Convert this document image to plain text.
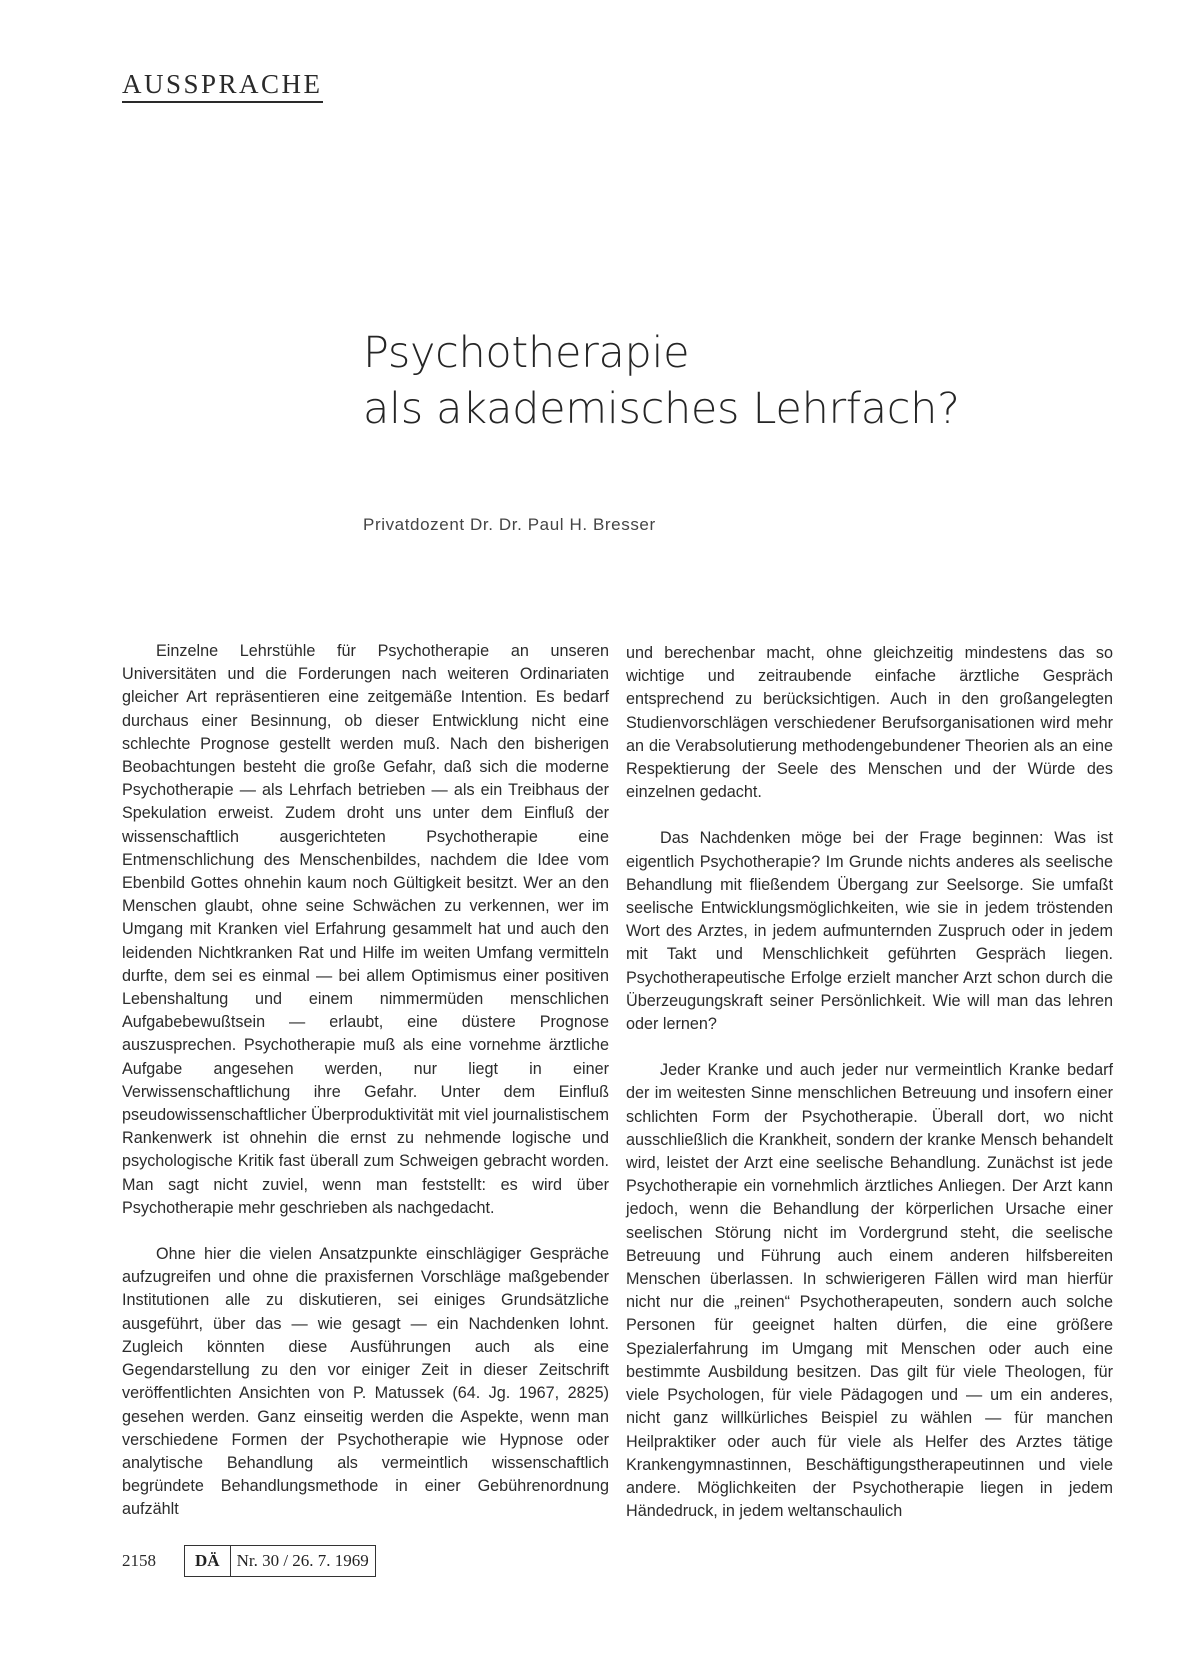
AUSSPRACHE
Psychotherapie
als akademisches Lehrfach?
Privatdozent Dr. Dr. Paul H. Bresser

Einzelne Lehrstühle für Psychotherapie an unseren Universitäten und die Forderungen nach weiteren Ordinariaten gleicher Art repräsentieren eine zeitgemäße Intention. Es bedarf durchaus einer Besinnung, ob dieser Entwicklung nicht eine schlechte Prognose gestellt werden muß. Nach den bisherigen Beobachtungen besteht die große Gefahr, daß sich die moderne Psychotherapie — als Lehrfach betrieben — als ein Treibhaus der Spekulation erweist. Zudem droht uns unter dem Einfluß der wissenschaftlich ausgerichteten Psychotherapie eine Entmenschlichung des Menschenbildes, nachdem die Idee vom Ebenbild Gottes ohnehin kaum noch Gültigkeit besitzt. Wer an den Menschen glaubt, ohne seine Schwächen zu verkennen, wer im Umgang mit Kranken viel Erfahrung gesammelt hat und auch den leidenden Nichtkranken Rat und Hilfe im weiten Umfang vermitteln durfte, dem sei es einmal — bei allem Optimismus einer positiven Lebenshaltung und einem nimmermüden menschlichen Aufgabebewußtsein — erlaubt, eine düstere Prognose auszusprechen. Psychotherapie muß als eine vornehme ärztliche Aufgabe angesehen werden, nur liegt in einer Verwissenschaftlichung ihre Gefahr. Unter dem Einfluß pseudowissenschaftlicher Überproduktivität mit viel journalistischem Rankenwerk ist ohnehin die ernst zu nehmende logische und psychologische Kritik fast überall zum Schweigen gebracht worden. Man sagt nicht zuviel, wenn man feststellt: es wird über Psychotherapie mehr geschrieben als nachgedacht.

Ohne hier die vielen Ansatzpunkte einschlägiger Gespräche aufzugreifen und ohne die praxisfernen Vorschläge maßgebender Institutionen alle zu diskutieren, sei einiges Grundsätzliche ausgeführt, über das — wie gesagt — ein Nachdenken lohnt. Zugleich könnten diese Ausführungen auch als eine Gegendarstellung zu den vor einiger Zeit in dieser Zeitschrift veröffentlichten Ansichten von P. Matussek (64. Jg. 1967, 2825) gesehen werden. Ganz einseitig werden die Aspekte, wenn man verschiedene Formen der Psychotherapie wie Hypnose oder analytische Behandlung als vermeintlich wissenschaftlich begründete Behandlungsmethode in einer Gebührenordnung aufzählt

und berechenbar macht, ohne gleichzeitig mindestens das so wichtige und zeitraubende einfache ärztliche Gespräch entsprechend zu berücksichtigen. Auch in den großangelegten Studienvorschlägen verschiedener Berufsorganisationen wird mehr an die Verabsolutierung methodengebundener Theorien als an eine Respektierung der Seele des Menschen und der Würde des einzelnen gedacht.

Das Nachdenken möge bei der Frage beginnen: Was ist eigentlich Psychotherapie? Im Grunde nichts anderes als seelische Behandlung mit fließendem Übergang zur Seelsorge. Sie umfaßt seelische Entwicklungsmöglichkeiten, wie sie in jedem tröstenden Wort des Arztes, in jedem aufmunternden Zuspruch oder in jedem mit Takt und Menschlichkeit geführten Gespräch liegen. Psychotherapeutische Erfolge erzielt mancher Arzt schon durch die Überzeugungskraft seiner Persönlichkeit. Wie will man das lehren oder lernen?

Jeder Kranke und auch jeder nur vermeintlich Kranke bedarf der im weitesten Sinne menschlichen Betreuung und insofern einer schlichten Form der Psychotherapie. Überall dort, wo nicht ausschließlich die Krankheit, sondern der kranke Mensch behandelt wird, leistet der Arzt eine seelische Behandlung. Zunächst ist jede Psychotherapie ein vornehmlich ärztliches Anliegen. Der Arzt kann jedoch, wenn die Behandlung der körperlichen Ursache einer seelischen Störung nicht im Vordergrund steht, die seelische Betreuung und Führung auch einem anderen hilfsbereiten Menschen überlassen. In schwierigeren Fällen wird man hierfür nicht nur die „reinen“ Psychotherapeuten, sondern auch solche Personen für geeignet halten dürfen, die eine größere Spezialerfahrung im Umgang mit Menschen oder auch eine bestimmte Ausbildung besitzen. Das gilt für viele Theologen, für viele Psychologen, für viele Pädagogen und — um ein anderes, nicht ganz willkürliches Beispiel zu wählen — für manchen Heilpraktiker oder auch für viele als Helfer des Arztes tätige Krankengymnastinnen, Beschäftigungstherapeutinnen und viele andere. Möglichkeiten der Psychotherapie liegen in jedem Händedruck, in jedem weltanschaulich

2158	DÄ	Nr. 30 / 26. 7. 1969
